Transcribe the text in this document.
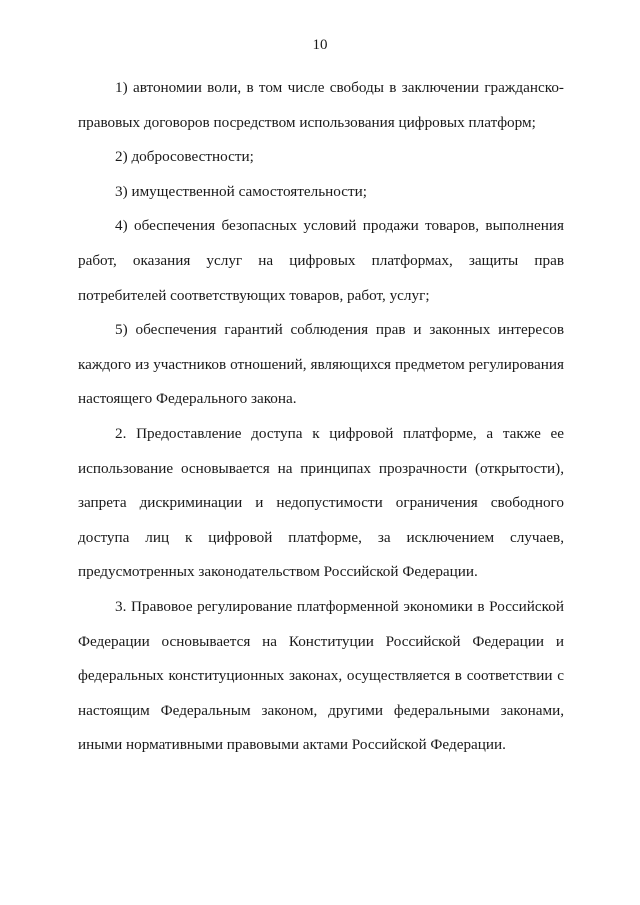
10

1) автономии воли, в том числе свободы в заключении гражданско-правовых договоров посредством использования цифровых платформ;

2) добросовестности;

3) имущественной самостоятельности;

4) обеспечения безопасных условий продажи товаров, выполнения работ, оказания услуг на цифровых платформах, защиты прав потребителей соответствующих товаров, работ, услуг;

5) обеспечения гарантий соблюдения прав и законных интересов каждого из участников отношений, являющихся предметом регулирования настоящего Федерального закона.

2. Предоставление доступа к цифровой платформе, а также ее использование основывается на принципах прозрачности (открытости), запрета дискриминации и недопустимости ограничения свободного доступа лиц к цифровой платформе, за исключением случаев, предусмотренных законодательством Российской Федерации.

3. Правовое регулирование платформенной экономики в Российской Федерации основывается на Конституции Российской Федерации и федеральных конституционных законах, осуществляется в соответствии с настоящим Федеральным законом, другими федеральными законами, иными нормативными правовыми актами Российской Федерации.
